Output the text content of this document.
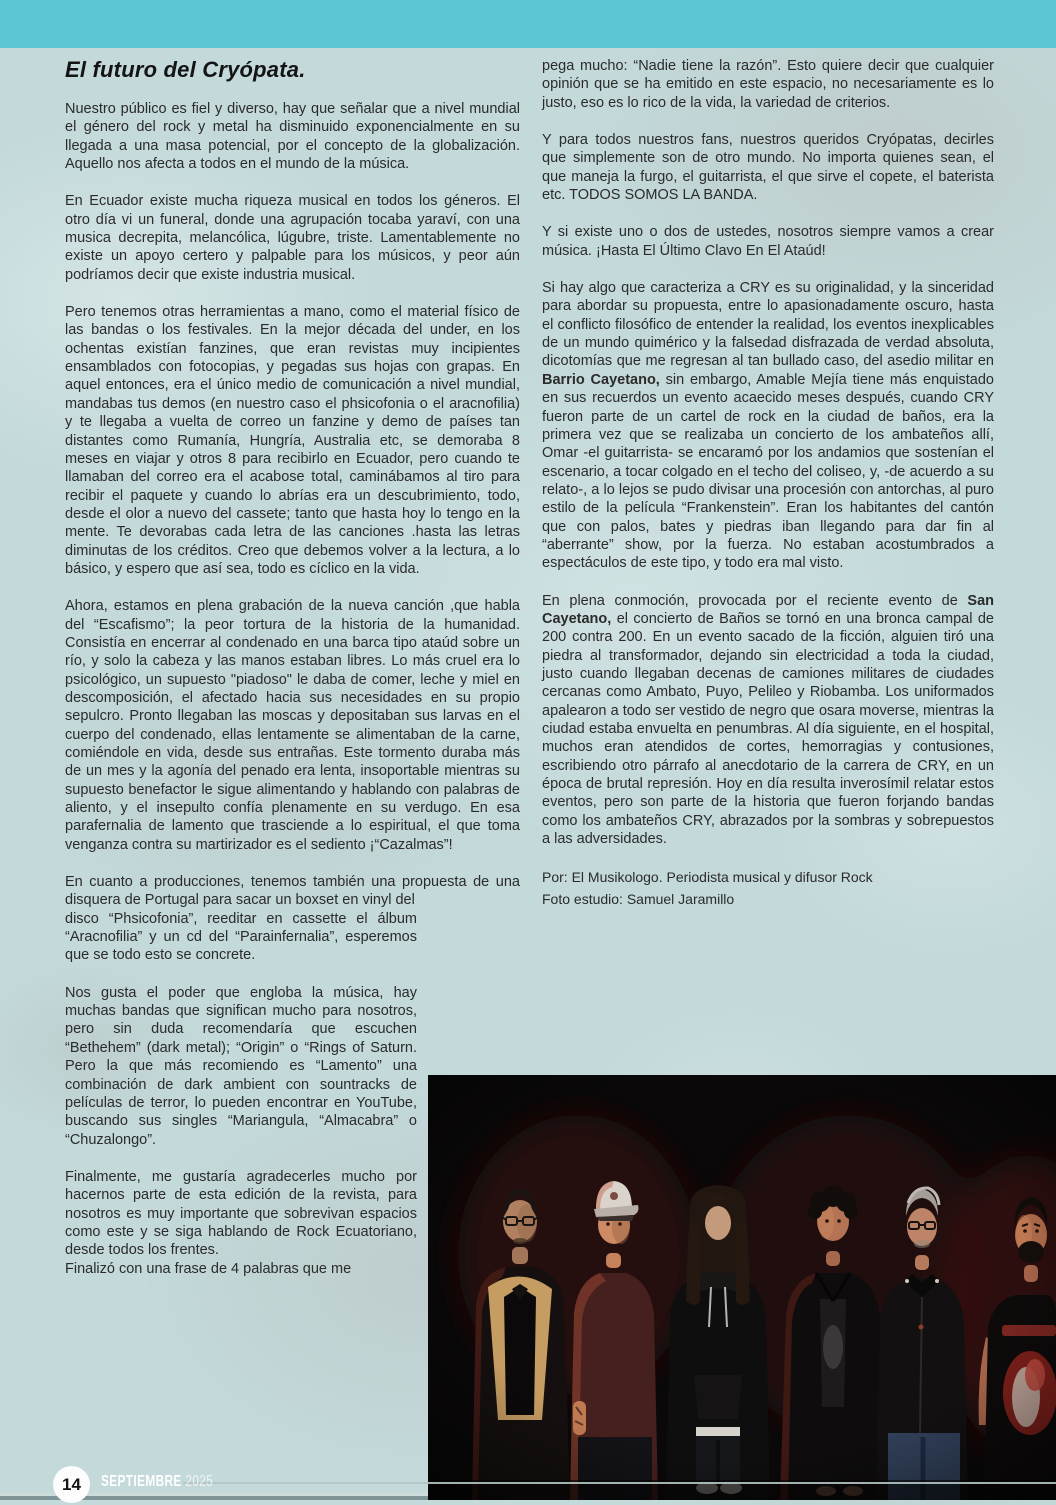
El futuro del Cryópata.

Nuestro público es fiel y diverso, hay que señalar que a nivel mundial el género del rock y metal ha disminuido exponencialmente en su llegada a una masa potencial, por el concepto de la globalización. Aquello nos afecta a todos en el mundo de la música.

En Ecuador existe mucha riqueza musical en todos los géneros. El otro día vi un funeral, donde una agrupación tocaba yaraví, con una musica decrepita, melancólica, lúgubre, triste. Lamentablemente no existe un apoyo certero y palpable para los músicos, y peor aún podríamos decir que existe industria musical.

Pero tenemos otras herramientas a mano, como el material físico de las bandas o los festivales. En la mejor década del under, en los ochentas existían fanzines, que eran revistas muy incipientes ensamblados con fotocopias, y pegadas sus hojas con grapas. En aquel entonces, era el único medio de comunicación a nivel mundial, mandabas tus demos (en nuestro caso el phsicofonia o el aracnofilia) y te llegaba a vuelta de correo un fanzine y demo de países tan distantes como Rumanía, Hungría, Australia etc, se demoraba 8 meses en viajar y otros 8 para recibirlo en Ecuador, pero cuando te llamaban del correo era el acabose total, caminábamos al tiro para recibir el paquete y cuando lo abrías era un descubrimiento, todo, desde el olor a nuevo del cassete; tanto que hasta hoy lo tengo en la mente. Te devorabas cada letra de las canciones .hasta las letras diminutas de los créditos. Creo que debemos volver a la lectura, a lo básico, y espero que así sea, todo es cíclico en la vida.

Ahora, estamos en plena grabación de la nueva canción ,que habla del “Escafismo”; la peor tortura de la historia de la humanidad. Consistía en encerrar al condenado en una barca tipo ataúd sobre un río, y solo la cabeza y las manos estaban libres. Lo más cruel era lo psicológico, un supuesto "piadoso" le daba de comer, leche y miel en descomposición, el afectado hacia sus necesidades en su propio sepulcro. Pronto llegaban las moscas y depositaban sus larvas en el cuerpo del condenado, ellas lentamente se alimentaban de la carne, comiéndole en vida, desde sus entrañas. Este tormento duraba más de un mes y la agonía del penado era lenta, insoportable mientras su supuesto benefactor le sigue alimentando y hablando con palabras de aliento, y el insepulto confía plenamente en su verdugo. En esa parafernalia de lamento que trasciende a lo espiritual, el que toma venganza contra su martirizador es el sediento ¡“Cazalmas”!

En cuanto a producciones, tenemos también una propuesta de una disquera de Portugal para sacar un boxset en vinyl del

disco “Phsicofonia”, reeditar en cassette el álbum “Aracnofilia” y un cd del “Parainfernalia”, esperemos que se todo esto se concrete.

Nos gusta el poder que engloba la música, hay muchas bandas que significan mucho para nosotros, pero sin duda recomendaría que escuchen “Bethehem” (dark metal); “Origin” o “Rings of Saturn. Pero la que más recomiendo es “Lamento” una combinación de dark ambient con sountracks de películas de terror, lo pueden encontrar en YouTube, buscando sus singles “Mariangula, “Almacabra” o “Chuzalongo”.

Finalmente, me gustaría agradecerles mucho por hacernos parte de esta edición de la revista, para nosotros es muy importante que sobrevivan espacios como este y se siga hablando de Rock Ecuatoriano, desde todos los frentes.

Finalizó con una frase de 4 palabras que me

pega mucho: “Nadie tiene la razón”. Esto quiere decir que cualquier opinión que se ha emitido en este espacio, no necesariamente es lo justo, eso es lo rico de la vida, la variedad de criterios.

Y para todos nuestros fans, nuestros queridos Cryópatas, decirles que simplemente son de otro mundo. No importa quienes sean, el que maneja la furgo, el guitarrista, el que sirve el copete, el baterista etc. TODOS SOMOS LA BANDA.

Y si existe uno o dos de ustedes, nosotros siempre vamos a crear música. ¡Hasta El Último Clavo En El Ataúd!

Si hay algo que caracteriza a CRY es su originalidad, y la sinceridad para abordar su propuesta, entre lo apasionadamente oscuro, hasta el conflicto filosófico de entender la realidad, los eventos inexplicables de un mundo quimérico y la falsedad disfrazada de verdad absoluta, dicotomías que me regresan al tan bullado caso, del asedio militar en Barrio Cayetano, sin embargo, Amable Mejía tiene más enquistado en sus recuerdos un evento acaecido meses después, cuando CRY fueron parte de un cartel de rock en la ciudad de baños, era la primera vez que se realizaba un concierto de los ambateños allí, Omar -el guitarrista- se encaramó por los andamios que sostenían el escenario, a tocar colgado en el techo del coliseo, y, -de acuerdo a su relato-, a lo lejos se pudo divisar una procesión con antorchas, al puro estilo de la película “Frankenstein”. Eran los habitantes del cantón que con palos, bates y piedras iban llegando para dar fin al “aberrante” show, por la fuerza. No estaban acostumbrados a espectáculos de este tipo, y todo era mal visto.

En plena conmoción, provocada por el reciente evento de San Cayetano, el concierto de Baños se tornó en una bronca campal de 200 contra 200. En un evento sacado de la ficción, alguien tiró una piedra al transformador, dejando sin electricidad a toda la ciudad, justo cuando llegaban decenas de camiones militares de ciudades cercanas como Ambato, Puyo, Pelileo y Riobamba. Los uniformados apalearon a todo ser vestido de negro que osara moverse, mientras la ciudad estaba envuelta en penumbras. Al día siguiente, en el hospital, muchos eran atendidos de cortes, hemorragias y contusiones, escribiendo otro párrafo al anecdotario de la carrera de CRY, en un época de brutal represión. Hoy en día resulta inverosímil relatar estos eventos, pero son parte de la historia que fueron forjando bandas como los ambateños CRY, abrazados por la sombras y sobrepuestos a las adversidades.

Por: El Musikologo. Periodista musical y difusor Rock

Foto estudio: Samuel Jaramillo

14 SEPTIEMBRE 2025
